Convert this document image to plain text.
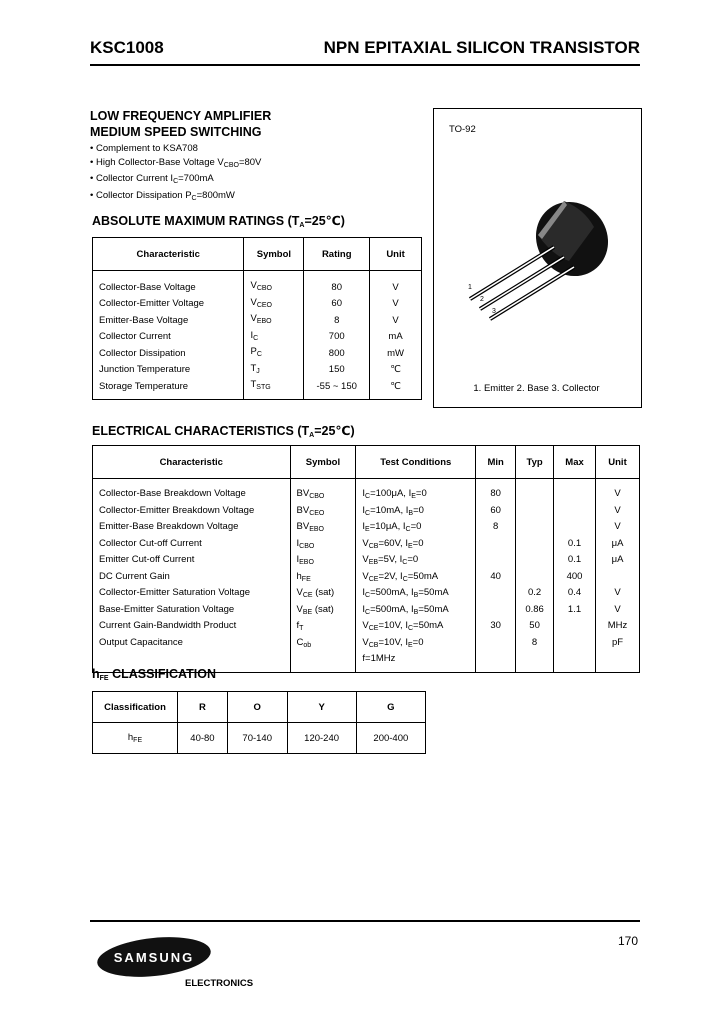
KSC1008	NPN EPITAXIAL SILICON TRANSISTOR
LOW FREQUENCY AMPLIFIER
MEDIUM SPEED SWITCHING
• Complement to KSA708
• High Collector-Base Voltage $V_{CBO}=80V$
• Collector Current $I_C=700mA$
• Collector Dissipation $P_C=800mW$
1
2
3
TO-92
1. Emitter 2. Base 3. Collector
ABSOLUTE MAXIMUM RATINGS $(T_A=25℃)$
Characteristic	Symbol	Rating	Unit
Collector-Base Voltage	$V_{CBO}$	80	V
Collector-Emitter Voltage	$V_{CEO}$	60	V
Emitter-Base Voltage	$V_{EBO}$	8	V
Collector Current	$I_C$	700	mA
Collector Dissipation	$P_C$	800	mW
Junction Temperature	$T_J$	150	℃
Storage Temperature	$T_{STG}$	-55 ~ 150	℃
ELECTRICAL CHARACTERISTICS $(T_A=25℃)$
Characteristic	Symbol	Test Conditions	Min	Typ	Max	Unit
Collector-Base Breakdown Voltage	$BV_{CBO}$	$I_C=100\mu A$, $I_E=0$	80			V
Collector-Emitter Breakdown Voltage	$BV_{CEO}$	$I_C=10mA$, $I_B=0$	60			V
Emitter-Base Breakdown Voltage	$BV_{EBO}$	$I_E=10\mu A$, $I_C=0$	8			V
Collector Cut-off Current	$I_{CBO}$	$V_{CB}=60V$, $I_E=0$			0.1	μA
Emitter Cut-off Current	$I_{EBO}$	$V_{EB}=5V$, $I_C=0$			0.1	μA
DC Current Gain	$h_{FE}$	$V_{CE}=2V$, $I_C=50mA$	40		400	
Collector-Emitter Saturation Voltage	$V_{CE}$ (sat)	$I_C=500mA$, $I_B=50mA$		0.2	0.4	V
Base-Emitter Saturation Voltage	$V_{BE}$ (sat)	$I_C=500mA$, $I_B=50mA$		0.86	1.1	V
Current Gain-Bandwidth Product	$f_T$	$V_{CE}=10V$, $I_C=50mA$	30	50		MHz
Output Capacitance	$C_{ob}$	$V_{CB}=10V$, $I_E=0$
f=1MHz		8		pF
$h_{FE}$ CLASSIFICATION
Classification	R	O	Y	G
$h_{FE}$	40-80	70-140	120-240	200-400
170
SAMSUNG
ELECTRONICS
